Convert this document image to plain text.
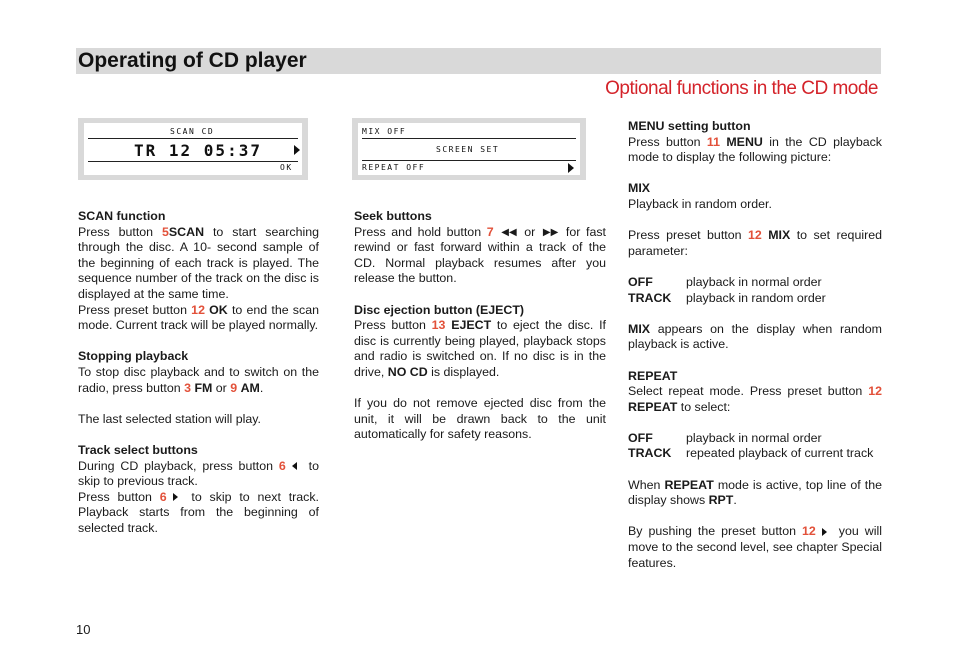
Operating of CD player
Optional functions in the CD mode
SCAN CD
TR 12 05:37
OK
MIX OFF
SCREEN SET
REPEAT OFF

SCAN function

Press button 5SCAN to start searching through the disc. A 10- second sample of the beginning of each track is played. The sequence number of the track on the disc is displayed at the same time.

Press preset button 12 OK to end the scan mode. Current track will be played normally.

Stopping playback

To stop disc playback and to switch on the radio, press button 3 FM or 9 AM.

The last selected station will play.

Track select buttons

During CD playback, press button 6 to skip to previous track.

Press button 6 to skip to next track. Playback starts from the beginning of selected track.

Seek buttons

Press and hold button 7 ◀◀ or ▶▶ for fast rewind or fast forward within a track of the CD. Normal playback resumes after you release the button.

Disc ejection button (EJECT)

Press button 13 EJECT to eject the disc. If disc is currently being played, playback stops and radio is switched on. If no disc is in the drive, NO CD is displayed.

If you do not remove ejected disc from the unit, it will be drawn back to the unit automatically for safety reasons.

MENU setting button

Press button 11 MENU in the CD playback mode to display the following picture:

MIX

Playback in random order.

Press preset button 12 MIX to set required parameter:

OFF	playback in normal order
TRACK	playback in random order

MIX appears on the display when random playback is active.

REPEAT

Select repeat mode. Press preset button 12 REPEAT to select:

OFF	playback in normal order
TRACK	repeated playback of current track

When REPEAT mode is active, top line of the display shows RPT.

By pushing the preset button 12 you will move to the second level, see chapter Special features.

10
